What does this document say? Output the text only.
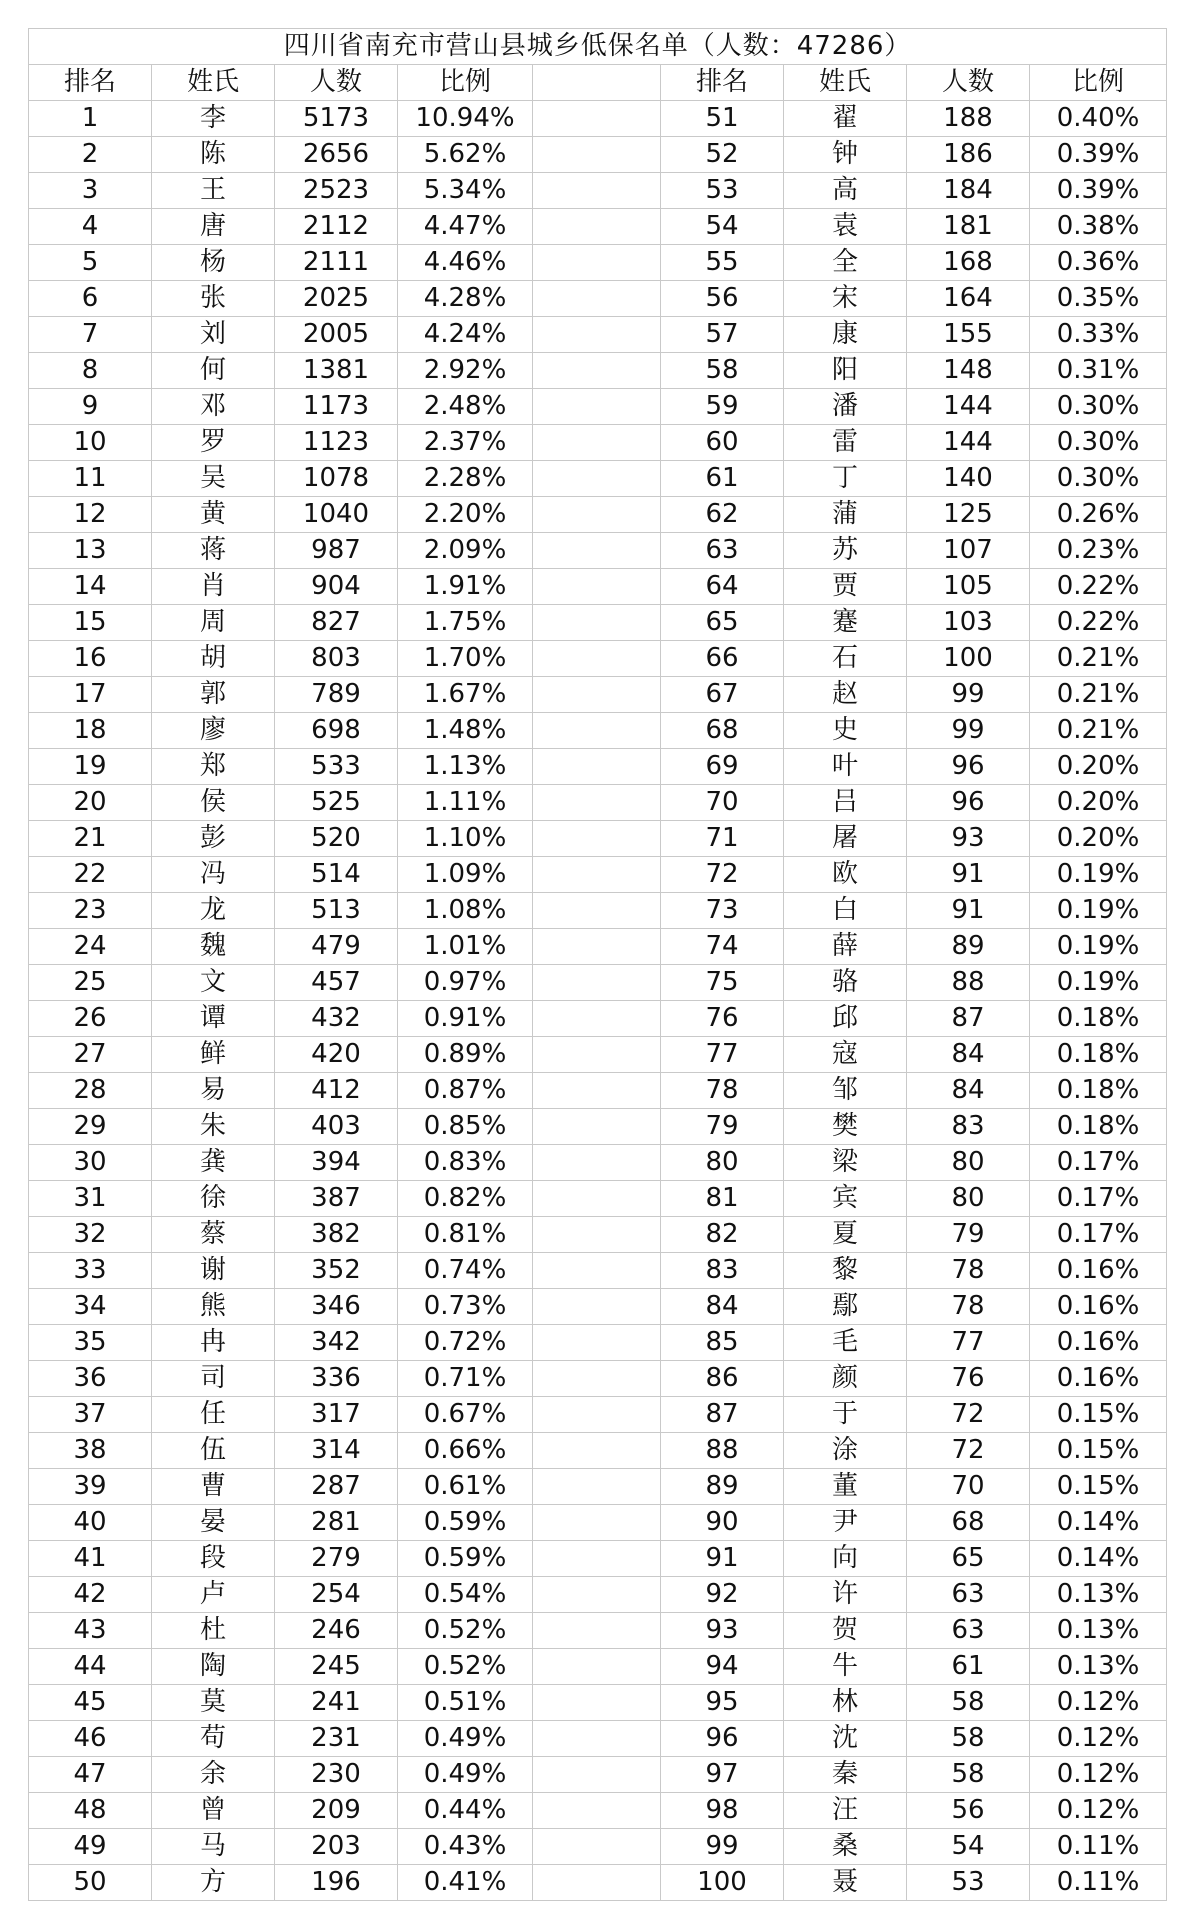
四川省南充市营山县城乡低保名单（人数：47286）								
排名	姓氏	人数	比例		排名	姓氏	人数	比例
1	李	5173	10.94%		51	翟	188	0.40%
2	陈	2656	5.62%		52	钟	186	0.39%
3	王	2523	5.34%		53	高	184	0.39%
4	唐	2112	4.47%		54	袁	181	0.38%
5	杨	2111	4.46%		55	全	168	0.36%
6	张	2025	4.28%		56	宋	164	0.35%
7	刘	2005	4.24%		57	康	155	0.33%
8	何	1381	2.92%		58	阳	148	0.31%
9	邓	1173	2.48%		59	潘	144	0.30%
10	罗	1123	2.37%		60	雷	144	0.30%
11	吴	1078	2.28%		61	丁	140	0.30%
12	黄	1040	2.20%		62	蒲	125	0.26%
13	蒋	987	2.09%		63	苏	107	0.23%
14	肖	904	1.91%		64	贾	105	0.22%
15	周	827	1.75%		65	蹇	103	0.22%
16	胡	803	1.70%		66	石	100	0.21%
17	郭	789	1.67%		67	赵	99	0.21%
18	廖	698	1.48%		68	史	99	0.21%
19	郑	533	1.13%		69	叶	96	0.20%
20	侯	525	1.11%		70	吕	96	0.20%
21	彭	520	1.10%		71	屠	93	0.20%
22	冯	514	1.09%		72	欧	91	0.19%
23	龙	513	1.08%		73	白	91	0.19%
24	魏	479	1.01%		74	薛	89	0.19%
25	文	457	0.97%		75	骆	88	0.19%
26	谭	432	0.91%		76	邱	87	0.18%
27	鲜	420	0.89%		77	寇	84	0.18%
28	易	412	0.87%		78	邹	84	0.18%
29	朱	403	0.85%		79	樊	83	0.18%
30	龚	394	0.83%		80	梁	80	0.17%
31	徐	387	0.82%		81	宾	80	0.17%
32	蔡	382	0.81%		82	夏	79	0.17%
33	谢	352	0.74%		83	黎	78	0.16%
34	熊	346	0.73%		84	鄢	78	0.16%
35	冉	342	0.72%		85	毛	77	0.16%
36	司	336	0.71%		86	颜	76	0.16%
37	任	317	0.67%		87	于	72	0.15%
38	伍	314	0.66%		88	涂	72	0.15%
39	曹	287	0.61%		89	董	70	0.15%
40	晏	281	0.59%		90	尹	68	0.14%
41	段	279	0.59%		91	向	65	0.14%
42	卢	254	0.54%		92	许	63	0.13%
43	杜	246	0.52%		93	贺	63	0.13%
44	陶	245	0.52%		94	牛	61	0.13%
45	莫	241	0.51%		95	林	58	0.12%
46	苟	231	0.49%		96	沈	58	0.12%
47	余	230	0.49%		97	秦	58	0.12%
48	曾	209	0.44%		98	汪	56	0.12%
49	马	203	0.43%		99	桑	54	0.11%
50	方	196	0.41%		100	聂	53	0.11%
